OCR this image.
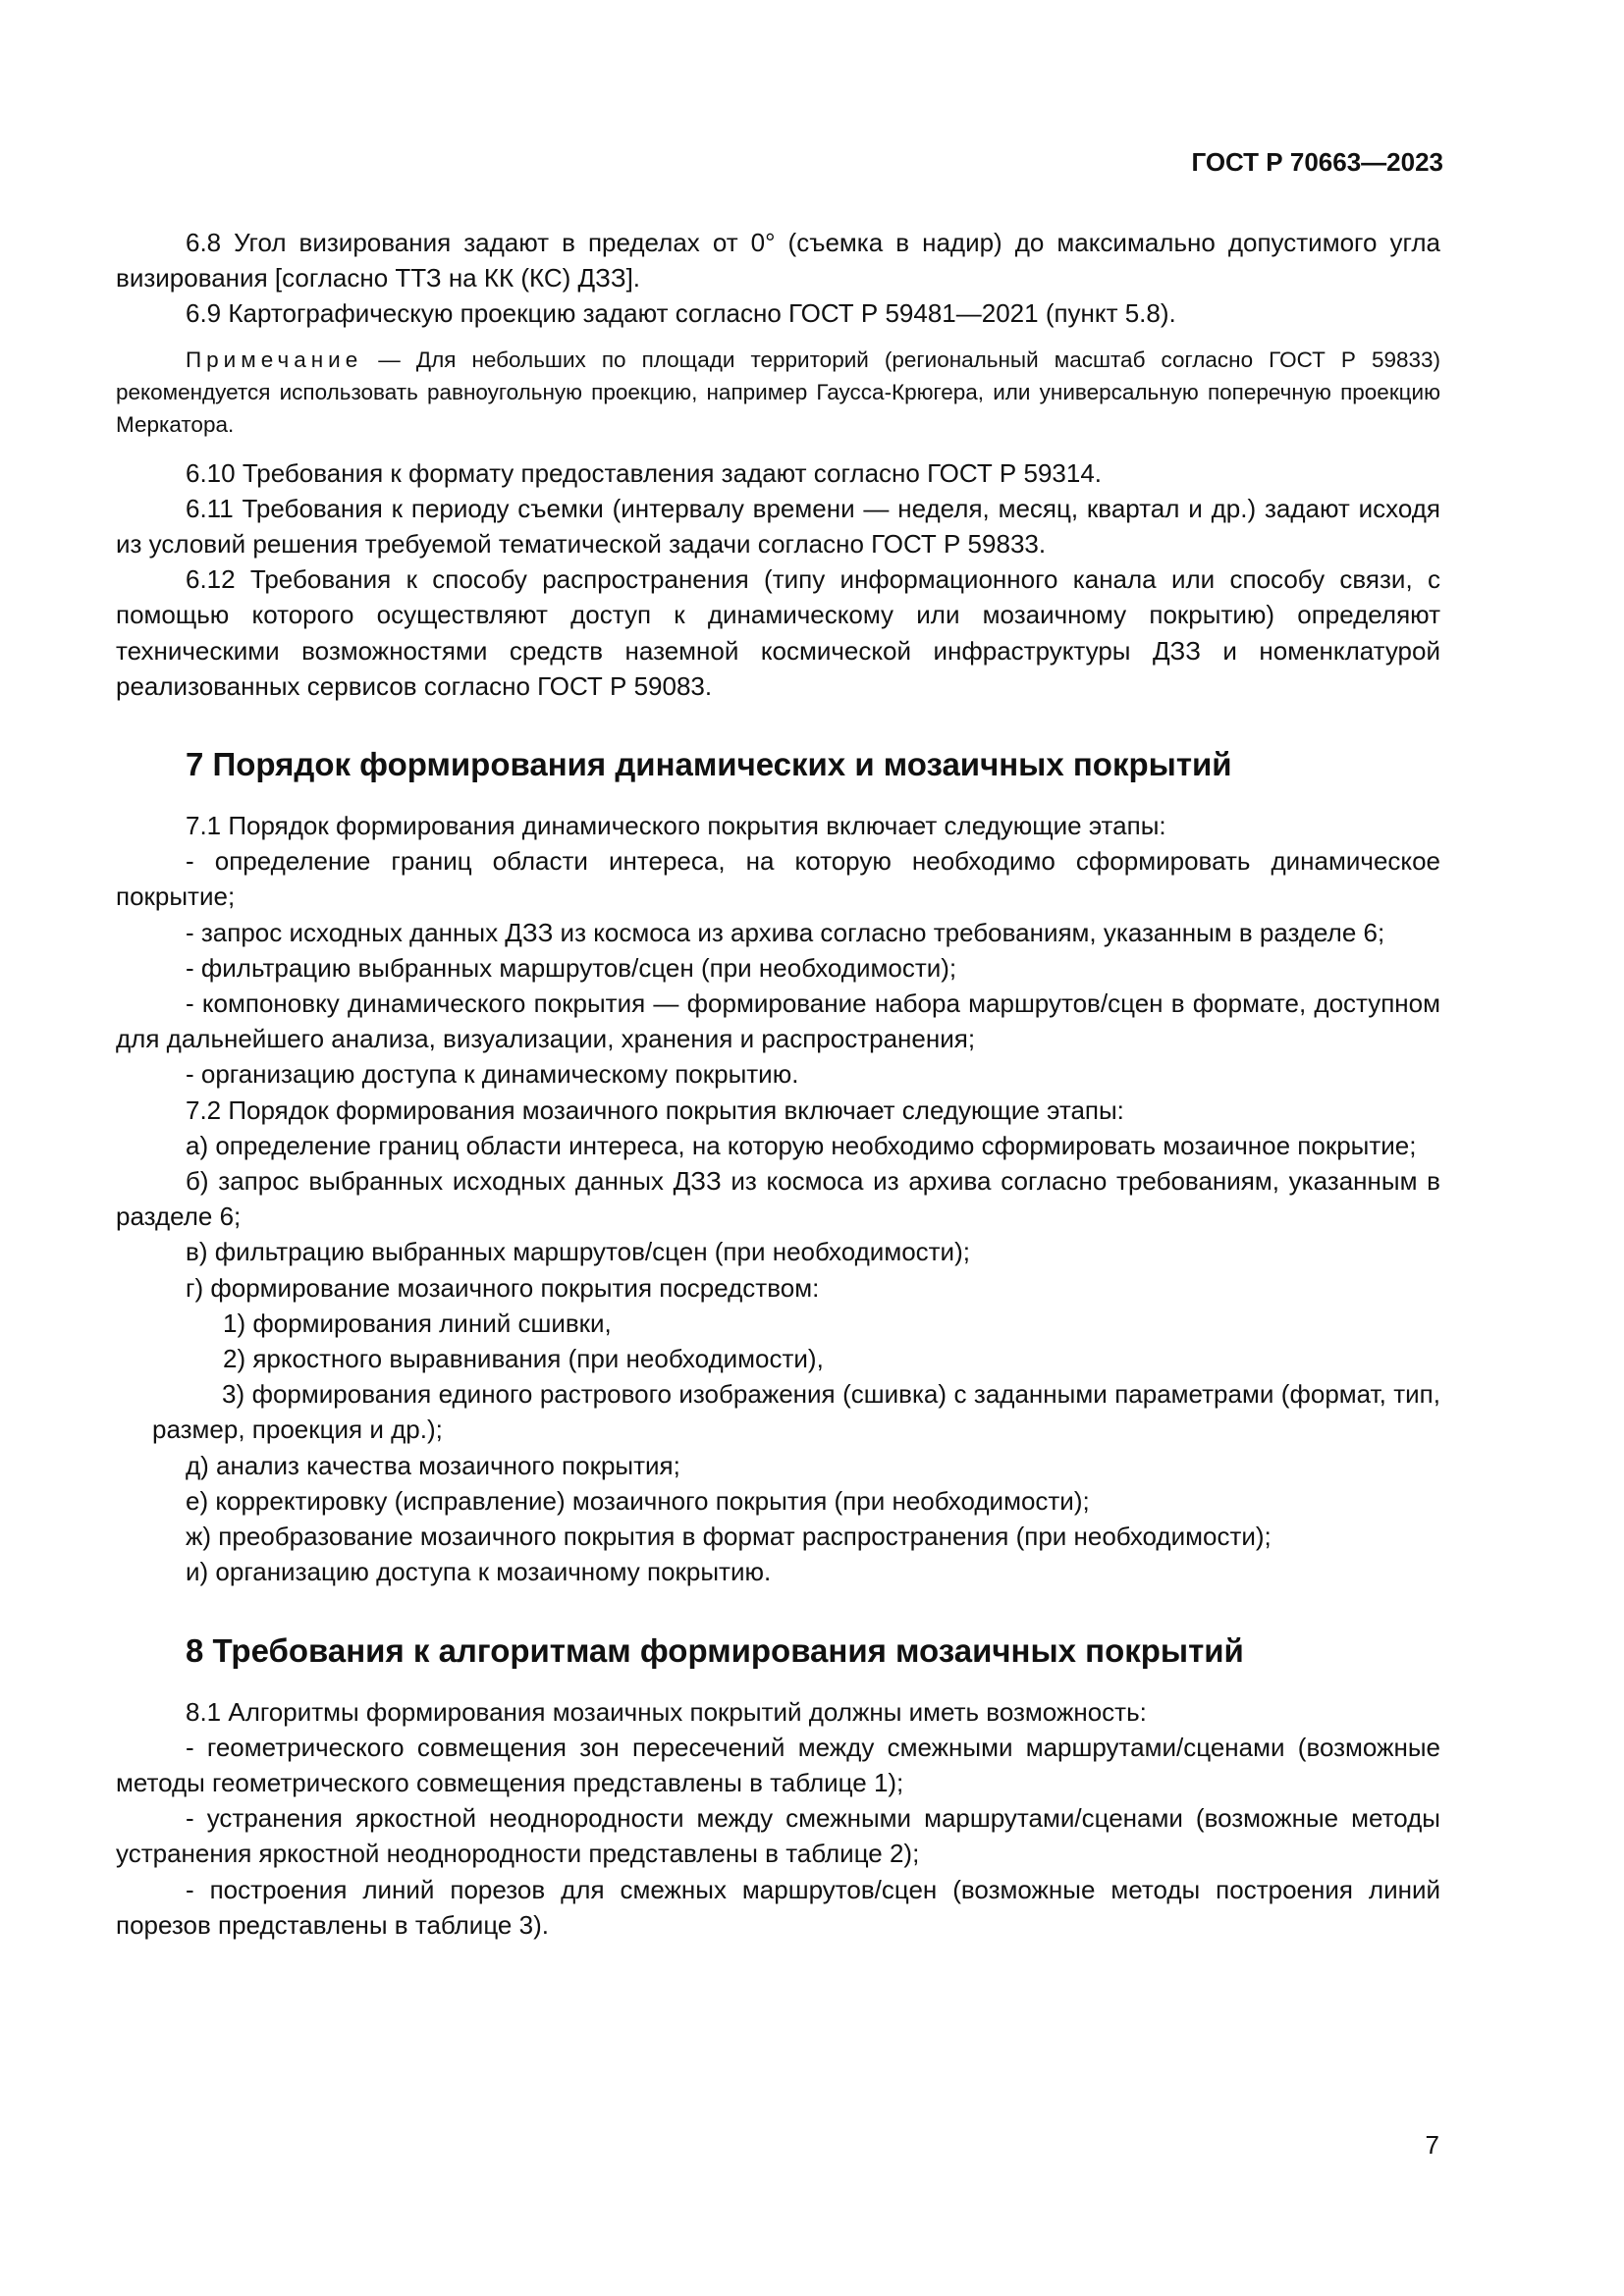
ГОСТ Р 70663—2023

6.8 Угол визирования задают в пределах от 0° (съемка в надир) до максимально допустимого угла визирования [согласно ТТЗ на КК (КС) ДЗЗ].

6.9 Картографическую проекцию задают согласно ГОСТ Р 59481—2021 (пункт 5.8).

Примечание — Для небольших по площади территорий (региональный масштаб согласно ГОСТ Р 59833) рекомендуется использовать равноугольную проекцию, например Гаусса-Крюгера, или универсальную поперечную проекцию Меркатора.

6.10 Требования к формату предоставления задают согласно ГОСТ Р 59314.

6.11 Требования к периоду съемки (интервалу времени — неделя, месяц, квартал и др.) задают исходя из условий решения требуемой тематической задачи согласно ГОСТ Р 59833.

6.12 Требования к способу распространения (типу информационного канала или способу связи, с помощью которого осуществляют доступ к динамическому или мозаичному покрытию) определяют техническими возможностями средств наземной космической инфраструктуры ДЗЗ и номенклатурой реализованных сервисов согласно ГОСТ Р 59083.

7 Порядок формирования динамических и мозаичных покрытий

7.1 Порядок формирования динамического покрытия включает следующие этапы:

- определение границ области интереса, на которую необходимо сформировать динамическое покрытие;

- запрос исходных данных ДЗЗ из космоса из архива согласно требованиям, указанным в разделе 6;

- фильтрацию выбранных маршрутов/сцен (при необходимости);

- компоновку динамического покрытия — формирование набора маршрутов/сцен в формате, доступном для дальнейшего анализа, визуализации, хранения и распространения;

- организацию доступа к динамическому покрытию.

7.2 Порядок формирования мозаичного покрытия включает следующие этапы:

а) определение границ области интереса, на которую необходимо сформировать мозаичное покрытие;

б) запрос выбранных исходных данных ДЗЗ из космоса из архива согласно требованиям, указанным в разделе 6;

в) фильтрацию выбранных маршрутов/сцен (при необходимости);

г) формирование мозаичного покрытия посредством:

1) формирования линий сшивки,

2) яркостного выравнивания (при необходимости),

3) формирования единого растрового изображения (сшивка) с заданными параметрами (формат, тип, размер, проекция и др.);

д) анализ качества мозаичного покрытия;

е) корректировку (исправление) мозаичного покрытия (при необходимости);

ж) преобразование мозаичного покрытия в формат распространения (при необходимости);

и) организацию доступа к мозаичному покрытию.

8 Требования к алгоритмам формирования мозаичных покрытий

8.1 Алгоритмы формирования мозаичных покрытий должны иметь возможность:

- геометрического совмещения зон пересечений между смежными маршрутами/сценами (возможные методы геометрического совмещения представлены в таблице 1);

- устранения яркостной неоднородности между смежными маршрутами/сценами (возможные методы устранения яркостной неоднородности представлены в таблице 2);

- построения линий порезов для смежных маршрутов/сцен (возможные методы построения линий порезов представлены в таблице 3).

7
